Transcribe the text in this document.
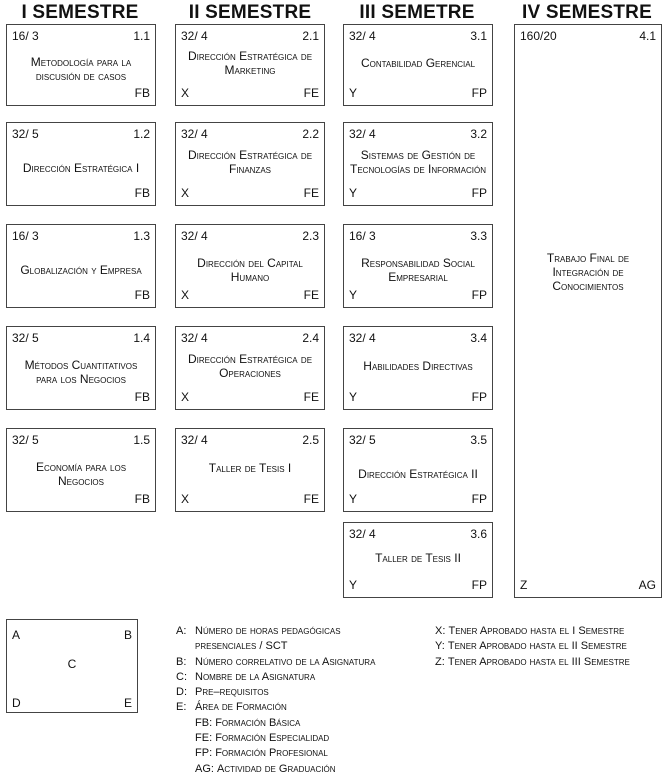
I SEMESTRE	II SEMESTRE	III SEMETRE	IV SEMESTRE
16/ 3	1.1
Metodología para la discusión de casos
FB
32/ 5	1.2
Dirección Estratégica I
FB
16/ 3	1.3
Globalización y Empresa
FB
32/ 5	1.4
Métodos Cuantitativos para los Negocios
FB
32/ 5	1.5
Economía para los Negocios
FB
32/ 4	2.1
Dirección Estratégica de Marketing
X	FE
32/ 4	2.2
Dirección Estratégica de Finanzas
X	FE
32/ 4	2.3
Dirección del Capital Humano
X	FE
32/ 4	2.4
Dirección Estratégica de Operaciones
X	FE
32/ 4	2.5
Taller de Tesis I
X	FE
32/ 4	3.1
Contabilidad Gerencial
Y	FP
32/ 4	3.2
Sistemas de Gestión de Tecnologías de Información
Y	FP
16/ 3	3.3
Responsabilidad Social Empresarial
Y	FP
32/ 4	3.4
Habilidades Directivas
Y	FP
32/ 5	3.5
Dirección Estratégica II
Y	FP
32/ 4	3.6
Taller de Tesis II
Y	FP
160/20	4.1
Trabajo Final de Integración de Conocimientos
Z	AG
A	B
C
D	E
A: Número de horas pedagógicas
presenciales / SCT
B: Número correlativo de la Asignatura
C: Nombre de la Asignatura
D: Pre–requisitos
E: Área de Formación
FB: Formación Básica
FE: Formación Especialidad
FP: Formación Profesional
AG: Actividad de Graduación
X: Tener Aprobado hasta el I Semestre
Y: Tener Aprobado hasta el II Semestre
Z: Tener Aprobado hasta el III Semestre
